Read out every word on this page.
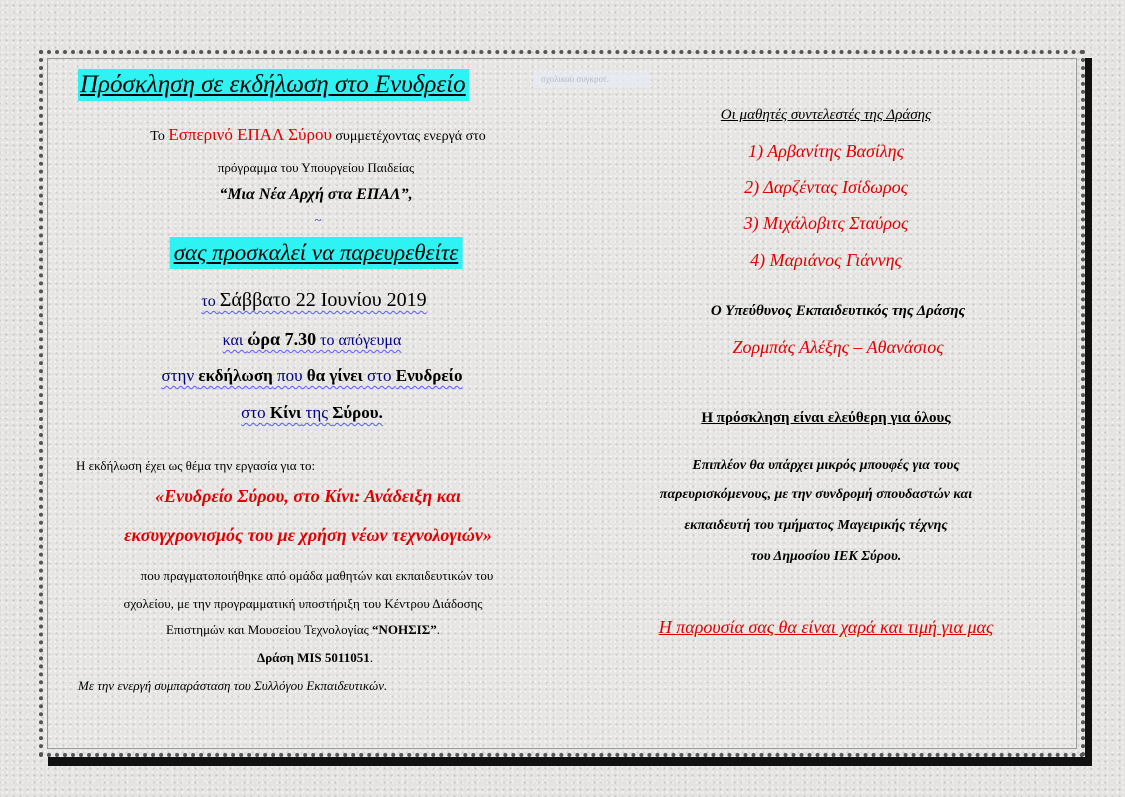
Πρόσκληση σε εκδήλωση στο Ενυδρείο	σχολικού συγκροτ.
Το Εσπερινό ΕΠΑΛ Σύρου συμμετέχοντας ενεργά στο
πρόγραμμα του Υπουργείου Παιδείας
“Μια Νέα Αρχή στα ΕΠΑΛ”,
~
σας προσκαλεί να παρευρεθείτε
το Σάββατο 22 Ιουνίου 2019
και ώρα 7.30 το απόγευμα
στην εκδήλωση που θα γίνει στο Ενυδρείο
στο Κίνι της Σύρου.
Η εκδήλωση έχει ως θέμα την εργασία για το:
«Ενυδρείο Σύρου, στο Κίνι: Ανάδειξη και
εκσυγχρονισμός του με χρήση νέων τεχνολογιών»
που πραγματοποιήθηκε από ομάδα μαθητών και εκπαιδευτικών του
σχολείου, με την προγραμματική υποστήριξη του Κέντρου Διάδοσης
Επιστημών και Μουσείου Τεχνολογίας “ΝΟΗΣΙΣ”.
Δράση MIS 5011051.
Με την ενεργή συμπαράσταση του Συλλόγου Εκπαιδευτικών.
Οι μαθητές συντελεστές της Δράσης
1) Αρβανίτης Βασίλης
2) Δαρζέντας Ισίδωρος
3) Μιχάλοβιτς Σταύρος
4) Μαριάνος Γιάννης
Ο Υπεύθυνος Εκπαιδευτικός της Δράσης
Ζορμπάς Αλέξης – Αθανάσιος
Η πρόσκληση είναι ελεύθερη για όλους
Επιπλέον θα υπάρχει μικρός μπουφές για τους
παρευρισκόμενους, με την συνδρομή σπουδαστών και
εκπαιδευτή του τμήματος Μαγειρικής τέχνης
του Δημοσίου ΙΕΚ Σύρου.
Η παρουσία σας θα είναι χαρά και τιμή για μας
